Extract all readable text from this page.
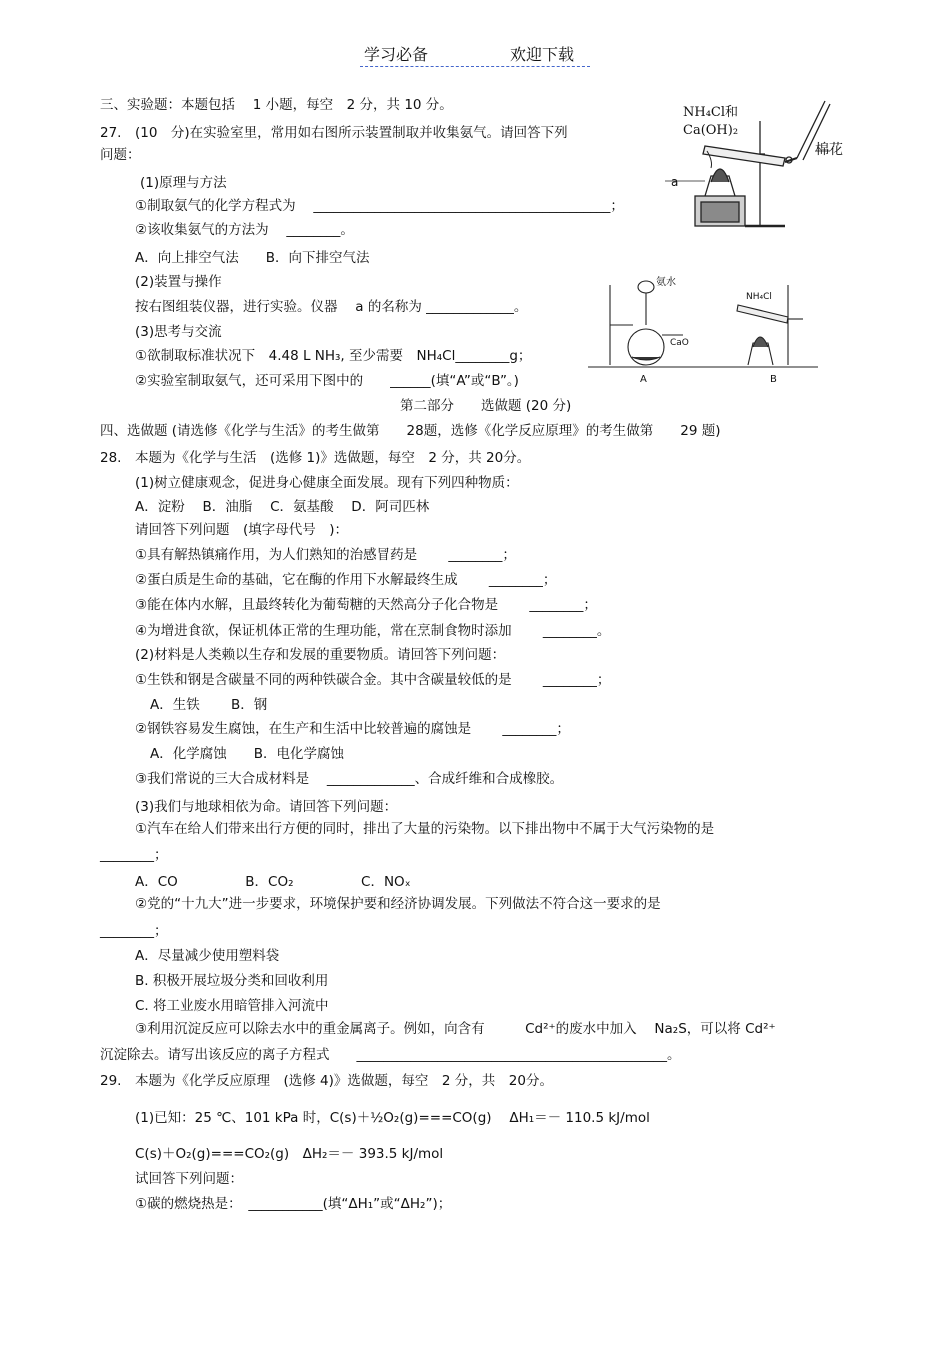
学习必备	欢迎下载
三、实验题：本题包括　 1 小题，每空　2 分，共 10 分。
27.　(10　分)在实验室里，常用如右图所示装置制取并收集氨气。请回答下列
问题：
(1)原理与方法
①制取氨气的化学方程式为　 ____________________________________________；
②该收集氨气的方法为　 ________。
A．向上排空气法　　B．向下排空气法
(2)装置与操作
按右图组装仪器，进行实验。仪器　 a 的名称为 _____________。
(3)思考与交流
①欲制取标准状况下　4.48 L NH₃, 至少需要　NH₄Cl________g；
②实验室制取氨气，还可采用下图中的　　______(填“A”或“B”。)
第二部分　　选做题 (20 分)
四、选做题 (请选修《化学与生活》的考生做第　　28题，选修《化学反应原理》的考生做第　　29 题)
28.　本题为《化学与生活　(选修 1)》选做题，每空　2 分，共 20分。
(1)树立健康观念，促进身心健康全面发展。现有下列四种物质：
A．淀粉　 B．油脂　 C．氨基酸　 D．阿司匹林
请回答下列问题　(填字母代号　)：
①具有解热镇痛作用，为人们熟知的治感冒药是　　 ________；
②蛋白质是生命的基础，它在酶的作用下水解最终生成　　 ________；
③能在体内水解，且最终转化为葡萄糖的天然高分子化合物是　　 ________；
④为增进食欲，保证机体正常的生理功能，常在烹制食物时添加　　 ________。
(2)材料是人类赖以生存和发展的重要物质。请回答下列问题：
①生铁和钢是含碳量不同的两种铁碳合金。其中含碳量较低的是　　 ________；
A．生铁　　 B．钢
②钢铁容易发生腐蚀，在生产和生活中比较普遍的腐蚀是　　 ________；
A．化学腐蚀　　B．电化学腐蚀
③我们常说的三大合成材料是　 _____________、合成纤维和合成橡胶。
(3)我们与地球相依为命。请回答下列问题：
①汽车在给人们带来出行方便的同时，排出了大量的污染物。以下排出物中不属于大气污染物的是
________；
A．CO　　　　　B．CO₂　　　　　C．NOₓ
②党的“十九大”进一步要求，环境保护要和经济协调发展。下列做法不符合这一要求的是
________；
A．尽量减少使用塑料袋
B. 积极开展垃圾分类和回收利用
C. 将工业废水用暗管排入河流中
③利用沉淀反应可以除去水中的重金属离子。例如，向含有　　　Cd²⁺的废水中加入　 Na₂S，可以将 Cd²⁺
沉淀除去。请写出该反应的离子方程式　　______________________________________________。
29.　本题为《化学反应原理　(选修 4)》选做题，每空　2 分，共　20分。
(1)已知：25 ℃、101 kPa 时，C(s)＋½O₂(g)===CO(g)　 ΔH₁＝－ 110.5 kJ/mol
C(s)＋O₂(g)===CO₂(g)　ΔH₂＝－ 393.5 kJ/mol
试回答下列问题：
①碳的燃烧热是：　___________(填“ΔH₁”或“ΔH₂”)；
NH₄Cl和
Ca(OH)₂
棉花
a
氨水
CaO
NH₄Cl
A	B
